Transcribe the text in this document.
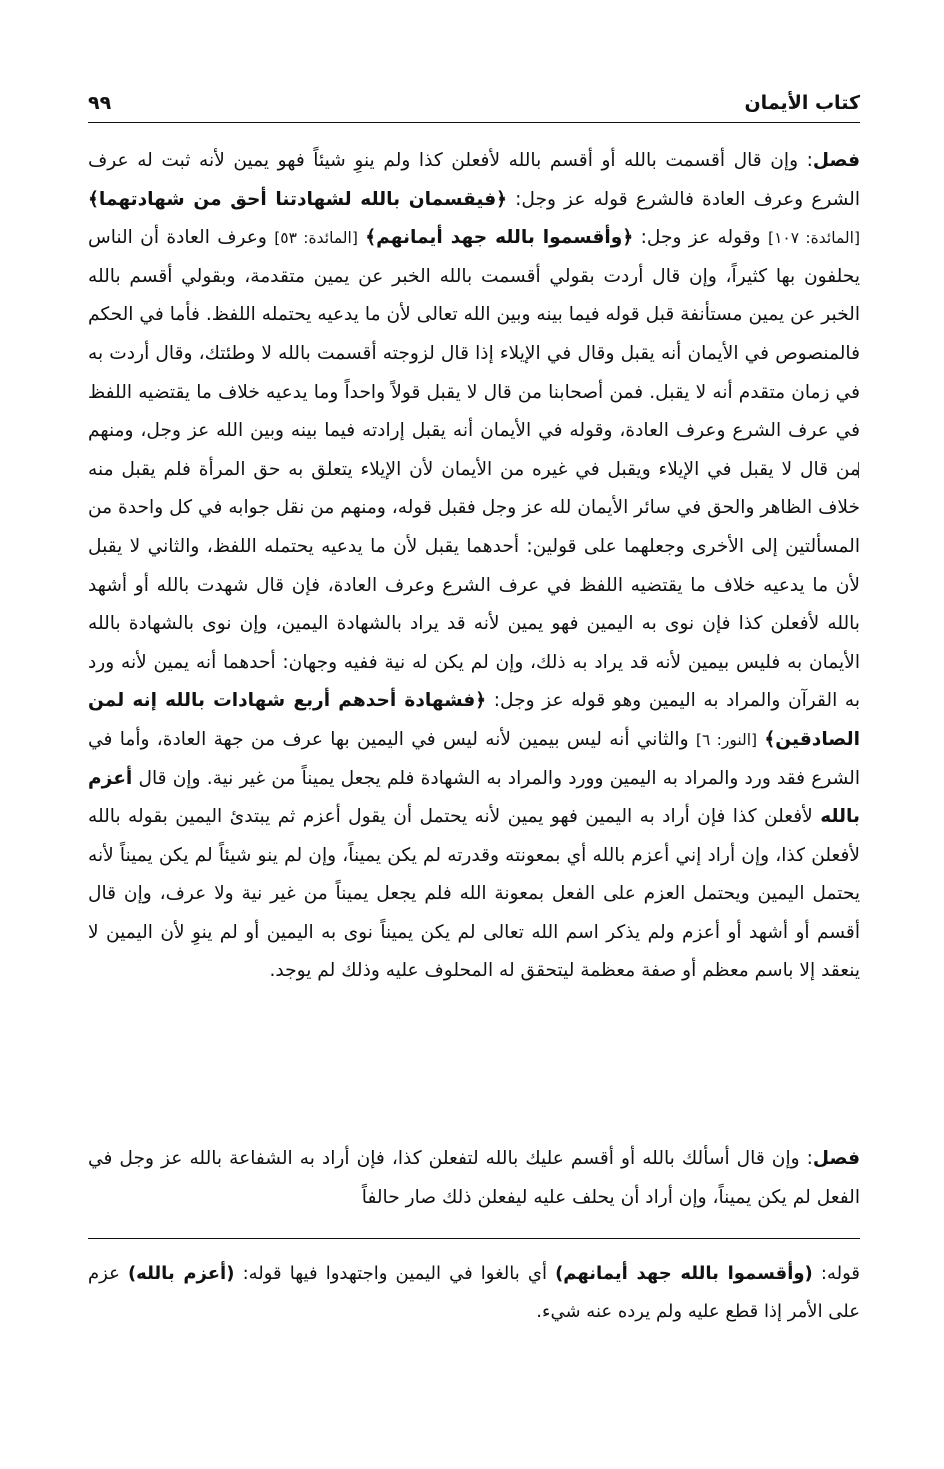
كتاب الأيمان
٩٩

فصل: وإن قال أقسمت بالله أو أقسم بالله لأفعلن كذا ولم ينوِ شيئاً فهو يمين لأنه ثبت له عرف الشرع وعرف العادة فالشرع قوله عز وجل: ﴿فيقسمان بالله لشهادتنا أحق من شهادتهما﴾ [المائدة: ١٠٧] وقوله عز وجل: ﴿وأقسموا بالله جهد أيمانهم﴾ [المائدة: ٥٣] وعرف العادة أن الناس يحلفون بها كثيراً، وإن قال أردت بقولي أقسمت بالله الخبر عن يمين متقدمة، وبقولي أقسم بالله الخبر عن يمين مستأنفة قبل قوله فيما بينه وبين الله تعالى لأن ما يدعيه يحتمله اللفظ. فأما في الحكم فالمنصوص في الأيمان أنه يقبل وقال في الإيلاء إذا قال لزوجته أقسمت بالله لا وطئتك، وقال أردت به في زمان متقدم أنه لا يقبل. فمن أصحابنا من قال لا يقبل قولاً واحداً وما يدعيه خلاف ما يقتضيه اللفظ في عرف الشرع وعرف العادة، وقوله في الأيمان أنه يقبل إرادته فيما بينه وبين الله عز وجل، ومنهم من قال لا يقبل في الإيلاء ويقبل في غيره من الأيمان لأن الإيلاء يتعلق به حق المرأة فلم يقبل منه خلاف الظاهر والحق في سائر الأيمان لله عز وجل فقبل قوله، ومنهم من نقل جوابه في كل واحدة من المسألتين إلى الأخرى وجعلهما على قولين: أحدهما يقبل لأن ما يدعيه يحتمله اللفظ، والثاني لا يقبل لأن ما يدعيه خلاف ما يقتضيه اللفظ في عرف الشرع وعرف العادة، فإن قال شهدت بالله أو أشهد بالله لأفعلن كذا فإن نوى به اليمين فهو يمين لأنه قد يراد بالشهادة اليمين، وإن نوى بالشهادة بالله الأيمان به فليس بيمين لأنه قد يراد به ذلك، وإن لم يكن له نية ففيه وجهان: أحدهما أنه يمين لأنه ورد به القرآن والمراد به اليمين وهو قوله عز وجل: ﴿فشهادة أحدهم أربع شهادات بالله إنه لمن الصادقين﴾ [النور: ٦] والثاني أنه ليس بيمين لأنه ليس في اليمين بها عرف من جهة العادة، وأما في الشرع فقد ورد والمراد به اليمين وورد والمراد به الشهادة فلم يجعل يميناً من غير نية. وإن قال أعزم بالله لأفعلن كذا فإن أراد به اليمين فهو يمين لأنه يحتمل أن يقول أعزم ثم يبتدئ اليمين بقوله بالله لأفعلن كذا، وإن أراد إني أعزم بالله أي بمعونته وقدرته لم يكن يميناً، وإن لم ينو شيئاً لم يكن يميناً لأنه يحتمل اليمين ويحتمل العزم على الفعل بمعونة الله فلم يجعل يميناً من غير نية ولا عرف، وإن قال أقسم أو أشهد أو أعزم ولم يذكر اسم الله تعالى لم يكن يميناً نوى به اليمين أو لم ينوِ لأن اليمين لا ينعقد إلا باسم معظم أو صفة معظمة ليتحقق له المحلوف عليه وذلك لم يوجد.

فصل: وإن قال أسألك بالله أو أقسم عليك بالله لتفعلن كذا، فإن أراد به الشفاعة بالله عز وجل في الفعل لم يكن يميناً، وإن أراد أن يحلف عليه ليفعلن ذلك صار حالفاً

قوله: (وأقسموا بالله جهد أيمانهم) أي بالغوا في اليمين واجتهدوا فيها قوله: (أعزم بالله) عزم على الأمر إذا قطع عليه ولم يرده عنه شيء.
